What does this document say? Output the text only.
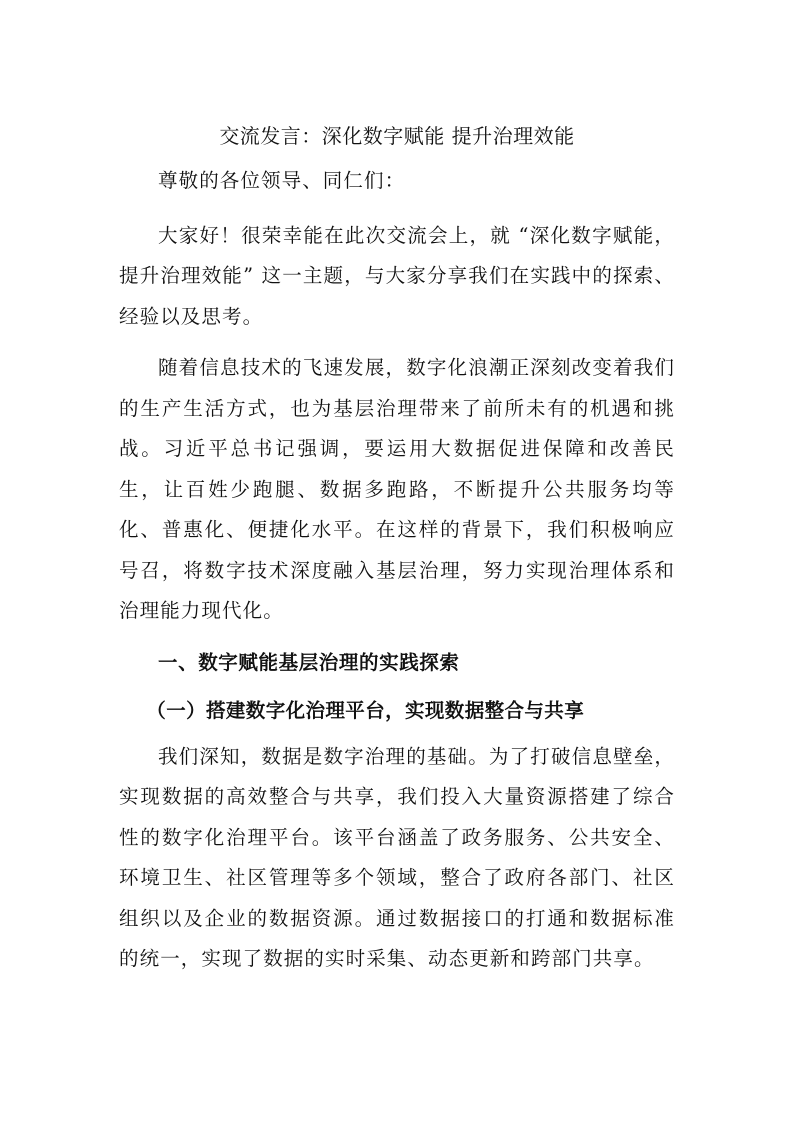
交流发言：深化数字赋能 提升治理效能

尊敬的各位领导、同仁们：

大家好！很荣幸能在此次交流会上，就 “深化数字赋能，提升治理效能” 这一主题，与大家分享我们在实践中的探索、经验以及思考。

随着信息技术的飞速发展，数字化浪潮正深刻改变着我们的生产生活方式，也为基层治理带来了前所未有的机遇和挑战。习近平总书记强调，要运用大数据促进保障和改善民生，让百姓少跑腿、数据多跑路，不断提升公共服务均等化、普惠化、便捷化水平。在这样的背景下，我们积极响应号召，将数字技术深度融入基层治理，努力实现治理体系和治理能力现代化。

一、数字赋能基层治理的实践探索
（一）搭建数字化治理平台，实现数据整合与共享

我们深知，数据是数字治理的基础。为了打破信息壁垒，实现数据的高效整合与共享，我们投入大量资源搭建了综合性的数字化治理平台。该平台涵盖了政务服务、公共安全、环境卫生、社区管理等多个领域，整合了政府各部门、社区组织以及企业的数据资源。通过数据接口的打通和数据标准的统一，实现了数据的实时采集、动态更新和跨部门共享。
